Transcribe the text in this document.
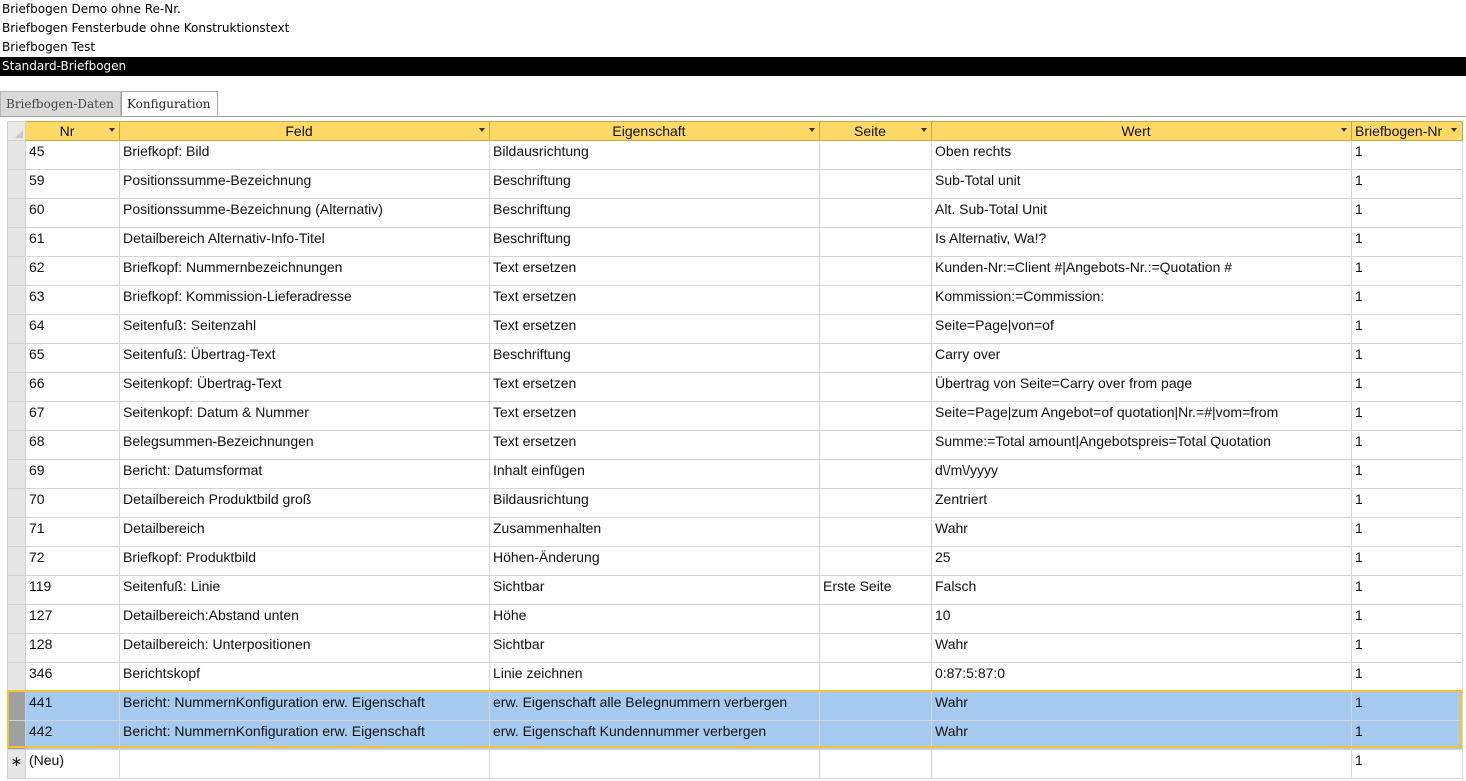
Briefbogen Demo ohne Re-Nr.
Briefbogen Fensterbude ohne Konstruktionstext
Briefbogen Test
Standard-Briefbogen
Briefbogen-Daten	Konfiguration
	Nr	Feld	Eigenschaft	Seite	Wert	Briefbogen-Nr

	45	Briefkopf: Bild	Bildausrichtung		Oben rechts	1
	59	Positionssumme-Bezeichnung	Beschriftung		Sub-Total unit	1
	60	Positionssumme-Bezeichnung (Alternativ)	Beschriftung		Alt. Sub-Total Unit	1
	61	Detailbereich Alternativ-Info-Titel	Beschriftung		Is Alternativ, Wa!?	1
	62	Briefkopf: Nummernbezeichnungen	Text ersetzen		Kunden-Nr:=Client #|Angebots-Nr.:=Quotation #	1
	63	Briefkopf: Kommission-Lieferadresse	Text ersetzen		Kommission:=Commission:	1
	64	Seitenfuß: Seitenzahl	Text ersetzen		Seite=Page|von=of	1
	65	Seitenfuß: Übertrag-Text	Beschriftung		Carry over	1
	66	Seitenkopf: Übertrag-Text	Text ersetzen		Übertrag von Seite=Carry over from page	1
	67	Seitenkopf: Datum & Nummer	Text ersetzen		Seite=Page|zum Angebot=of quotation|Nr.=#|vom=from	1
	68	Belegsummen-Bezeichnungen	Text ersetzen		Summe:=Total amount|Angebotspreis=Total Quotation	1
	69	Bericht: Datumsformat	Inhalt einfügen		d\/m\/yyyy	1
	70	Detailbereich Produktbild groß	Bildausrichtung		Zentriert	1
	71	Detailbereich	Zusammenhalten		Wahr	1
	72	Briefkopf: Produktbild	Höhen-Änderung		25	1
	119	Seitenfuß: Linie	Sichtbar	Erste Seite	Falsch	1
	127	Detailbereich:Abstand unten	Höhe		10	1
	128	Detailbereich: Unterpositionen	Sichtbar		Wahr	1
	346	Berichtskopf	Linie zeichnen		0:87:5:87:0	1
	441	Bericht: NummernKonfiguration erw. Eigenschaft	erw. Eigenschaft alle Belegnummern verbergen		Wahr	1
	442	Bericht: NummernKonfiguration erw. Eigenschaft	erw. Eigenschaft Kundennummer verbergen		Wahr	1
∗	(Neu)					1
